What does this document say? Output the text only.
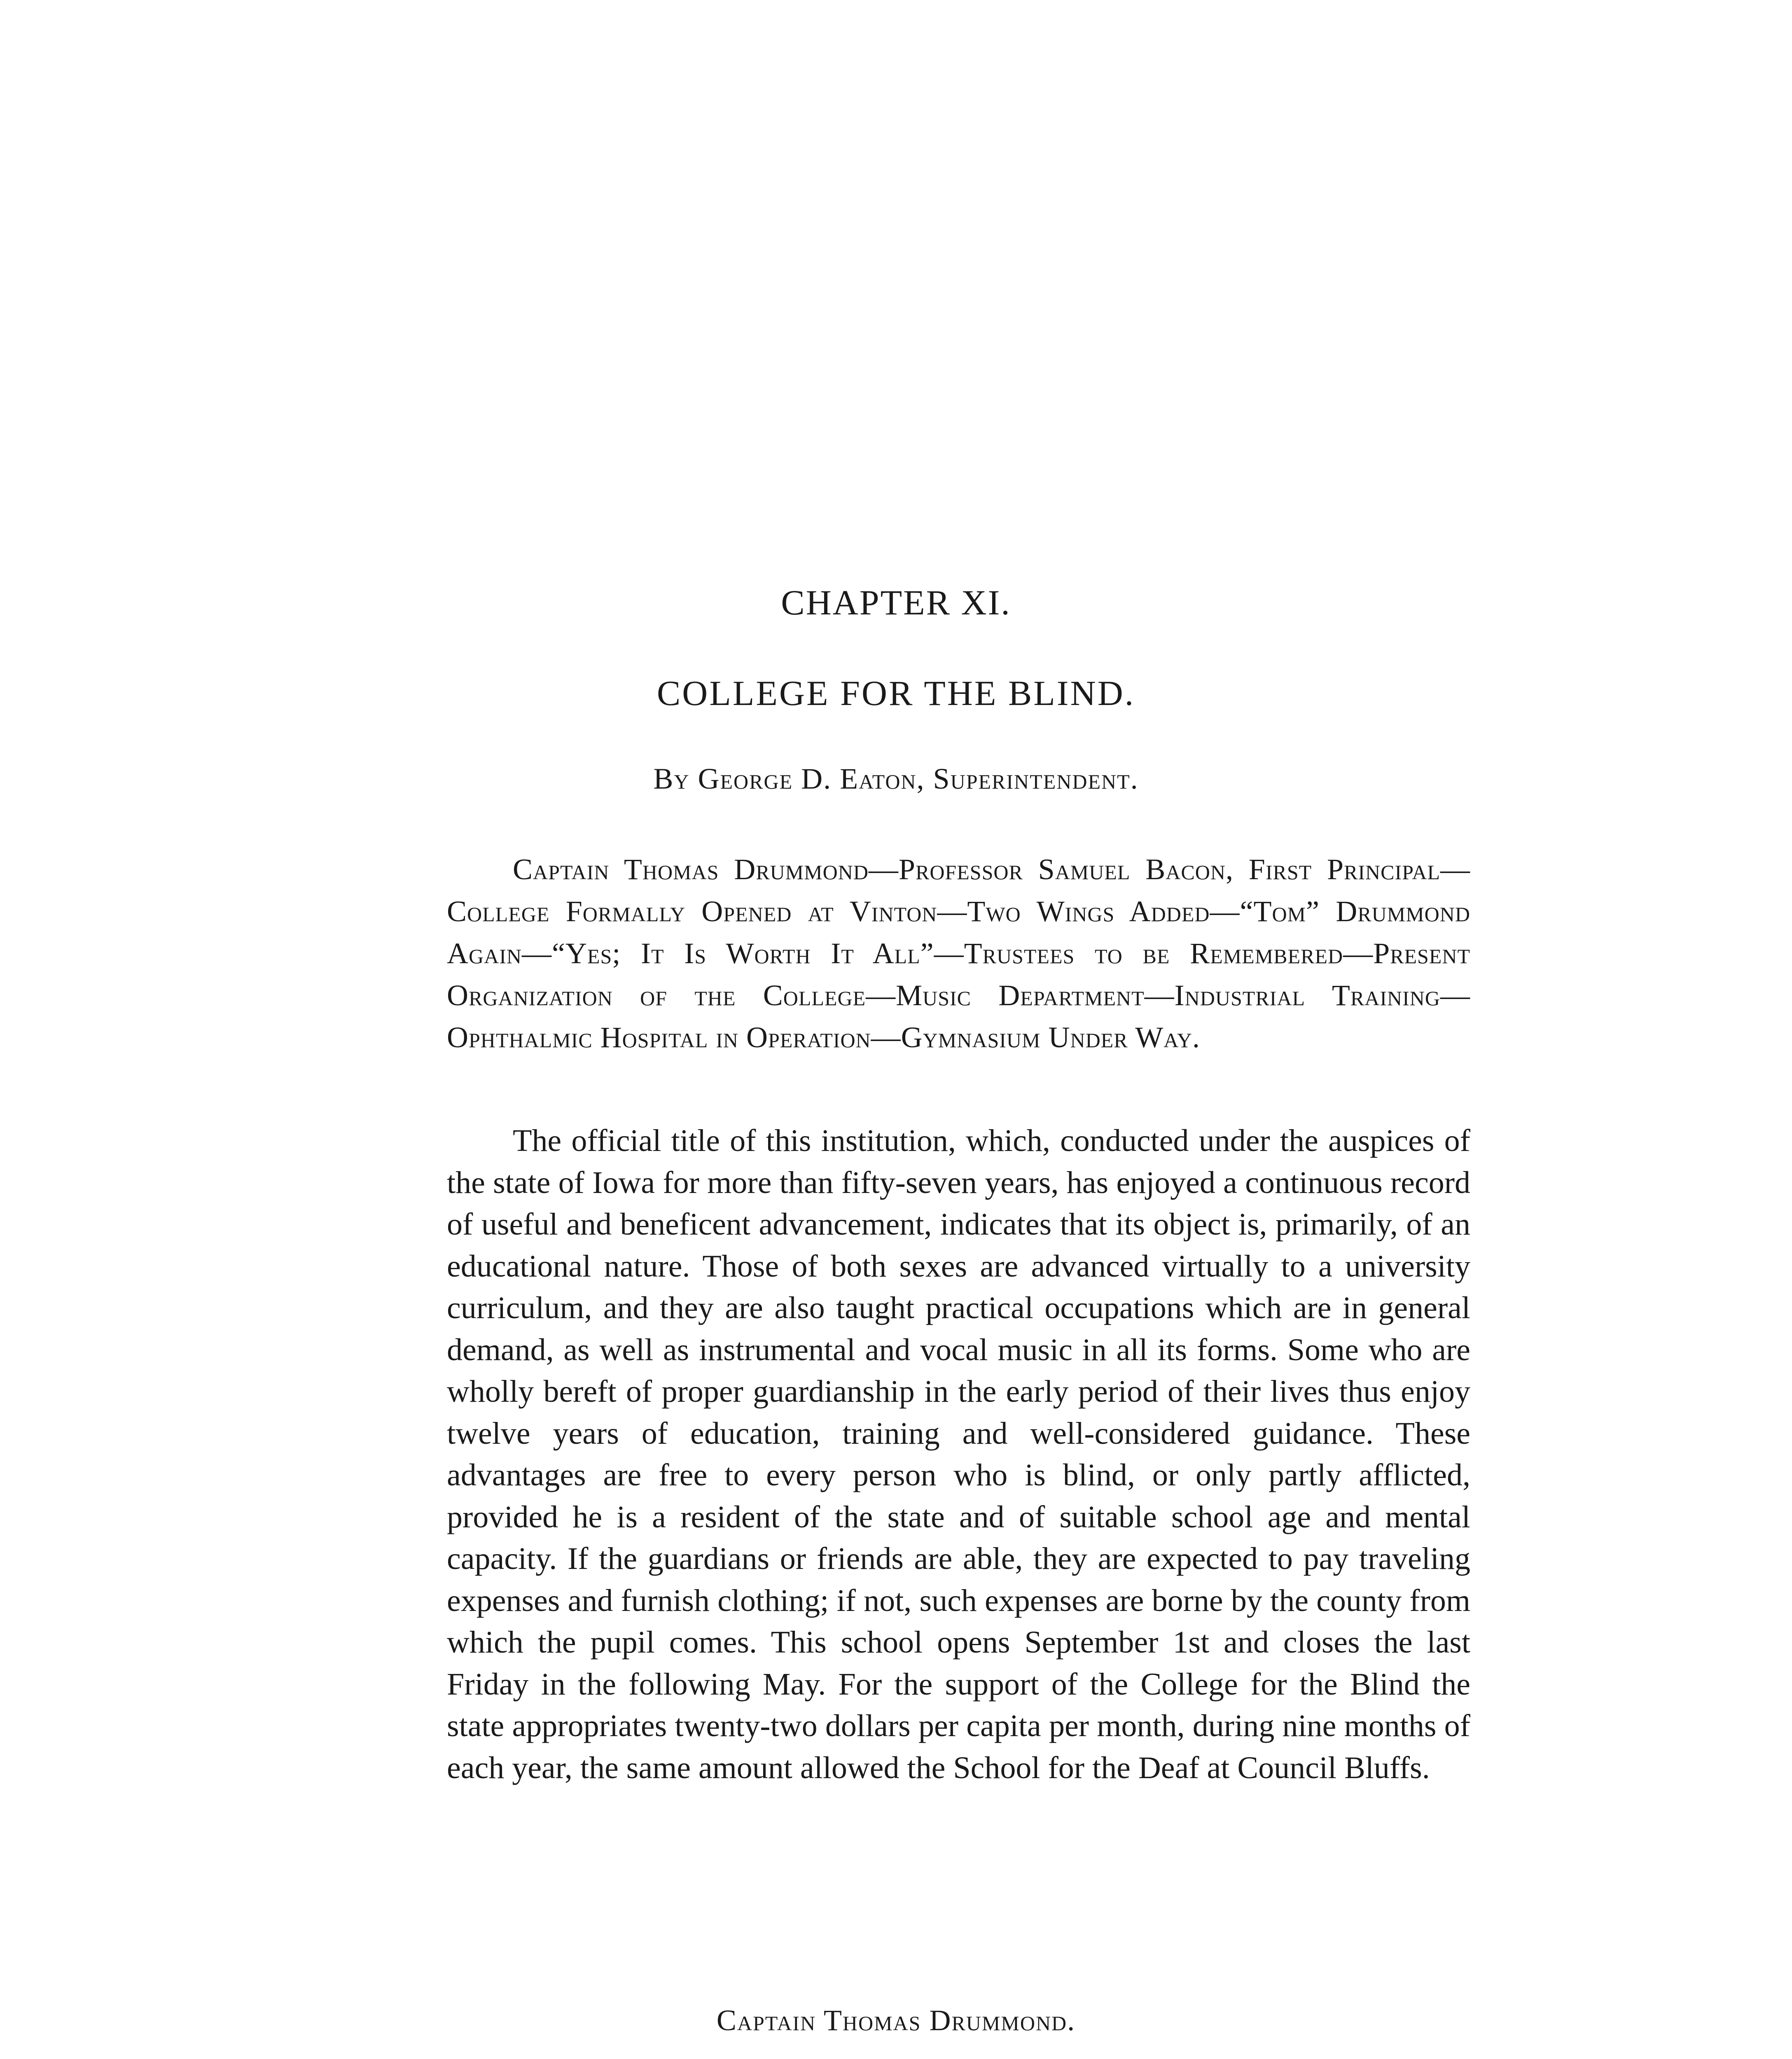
CHAPTER XI.
COLLEGE FOR THE BLIND.
By George D. Eaton, Superintendent.

Captain Thomas Drummond—Professor Samuel Bacon, First Principal—College Formally Opened at Vinton—Two Wings Added—“Tom” Drummond Again—“Yes; It Is Worth It All”—Trustees to be Remembered—Present Organization of the College—Music Department—Industrial Training—Ophthalmic Hospital in Operation—Gymnasium Under Way.

The official title of this institution, which, conducted under the auspices of the state of Iowa for more than fifty-seven years, has enjoyed a continuous record of useful and beneficent advancement, indicates that its object is, primarily, of an educational nature. Those of both sexes are advanced virtually to a university curriculum, and they are also taught practical occupations which are in general demand, as well as instrumental and vocal music in all its forms. Some who are wholly bereft of proper guardianship in the early period of their lives thus enjoy twelve years of education, training and well-considered guidance. These advantages are free to every person who is blind, or only partly afflicted, provided he is a resident of the state and of suitable school age and mental capacity. If the guardians or friends are able, they are expected to pay traveling expenses and furnish clothing; if not, such expenses are borne by the county from which the pupil comes. This school opens September 1st and closes the last Friday in the following May. For the support of the College for the Blind the state appropriates twenty-two dollars per capita per month, during nine months of each year, the same amount allowed the School for the Deaf at Council Bluffs.

Captain Thomas Drummond.
